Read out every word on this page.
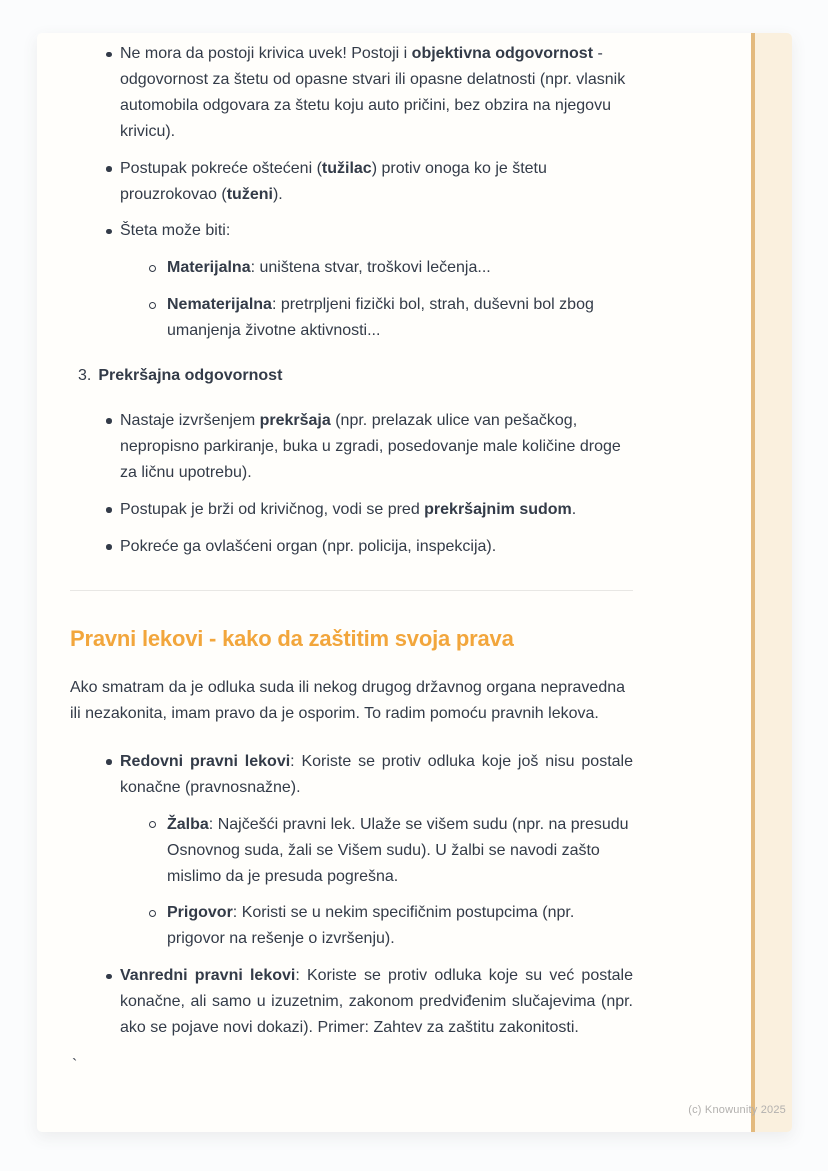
Ne mora da postoji krivica uvek! Postoji i objektivna odgovornost - odgovornost za štetu od opasne stvari ili opasne delatnosti (npr. vlasnik automobila odgovara za štetu koju auto pričini, bez obzira na njegovu krivicu).
Postupak pokreće oštećeni (tužilac) protiv onoga ko je štetu prouzrokovao (tuženi).
Šteta može biti:
Materijalna: uništena stvar, troškovi lečenja...
Nematerijalna: pretrpljeni fizički bol, strah, duševni bol zbog umanjenja životne aktivnosti...
3. Prekršajna odgovornost
Nastaje izvršenjem prekršaja (npr. prelazak ulice van pešačkog, nepropisno parkiranje, buka u zgradi, posedovanje male količine droge za ličnu upotrebu).
Postupak je brži od krivičnog, vodi se pred prekršajnim sudom.
Pokreće ga ovlašćeni organ (npr. policija, inspekcija).
Pravni lekovi - kako da zaštitim svoja prava

Ako smatram da je odluka suda ili nekog drugog državnog organa nepravedna ili nezakonita, imam pravo da je osporim. To radim pomoću pravnih lekova.

Redovni pravni lekovi: Koriste se protiv odluka koje još nisu postale konačne (pravnosnažne).
Žalba: Najčešći pravni lek. Ulaže se višem sudu (npr. na presudu Osnovnog suda, žali se Višem sudu). U žalbi se navodi zašto mislimo da je presuda pogrešna.
Prigovor: Koristi se u nekim specifičnim postupcima (npr. prigovor na rešenje o izvršenju).
Vanredni pravni lekovi: Koriste se protiv odluka koje su već postale konačne, ali samo u izuzetnim, zakonom predviđenim slučajevima (npr. ako se pojave novi dokazi). Primer: Zahtev za zaštitu zakonitosti.
`
(c) Knowunity 2025
